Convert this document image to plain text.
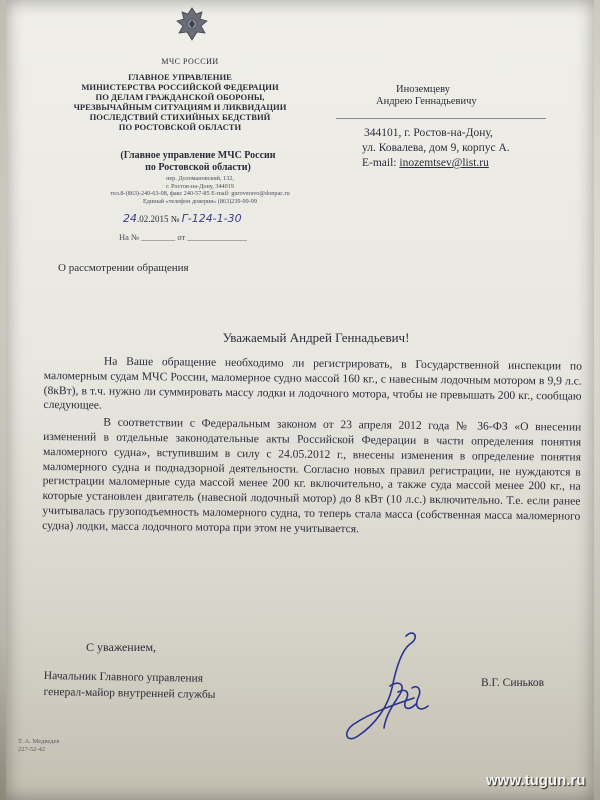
МЧС РОССИИ
ГЛАВНОЕ УПРАВЛЕНИЕ
МИНИСТЕРСТВА РОССИЙСКОЙ ФЕДЕРАЦИИ
ПО ДЕЛАМ ГРАЖДАНСКОЙ ОБОРОНЫ,
ЧРЕЗВЫЧАЙНЫМ СИТУАЦИЯМ И ЛИКВИДАЦИИ
ПОСЛЕДСТВИЙ СТИХИЙНЫХ БЕДСТВИЙ
ПО РОСТОВСКОЙ ОБЛАСТИ
(Главное управление МЧС России
по Ростовской области)
пер. Доломановский, 132,
г. Ростов-на-Дону, 344019
тел.8-(863)-240-63-08, факс 240-57-85 E-mail: guroveravo@donpac.ru
Единый «телефон доверия» (863)239-99-99
24.02.2015 № Г-124-1-30
На № ________ от ______________
О рассмотрении обращения
Иноземцеву
Андрею Геннадьевичу
344101, г. Ростов-на-Дону,
ул. Ковалева, дом 9, корпус А.
E-mail: inozemtsev@list.ru
Уважаемый Андрей Геннадьевич!

На Ваше обращение необходимо ли регистрировать, в Государственной инспекции по маломерным судам МЧС России, маломерное судно массой 160 кг., с навесным лодочным мотором в 9,9 л.с. (8кВт), в т.ч. нужно ли суммировать массу лодки и лодочного мотора, чтобы не превышать 200 кг., сообщаю следующее.

В соответствии с Федеральным законом от 23 апреля 2012 года № 36-ФЗ «О внесении изменений в отдельные законодательные акты Российской Федерации в части определения понятия маломерного судна», вступившим в силу с 24.05.2012 г., внесены изменения в определение понятия маломерного судна и поднадзорной деятельности. Согласно новых правил регистрации, не нуждаются в регистрации маломерные суда массой менее 200 кг. включительно, а также суда массой менее 200 кг., на которые установлен двигатель (навесной лодочный мотор) до 8 кВт (10 л.с.) включительно. Т.е. если ранее учитывалась грузоподъемность маломерного судна, то теперь стала масса (собственная масса маломерного судна) лодки, масса лодочного мотора при этом не учитывается.

С уважением,
Начальник Главного управления
генерал-майор внутренней службы
В.Г. Синьков
Т. А. Медведев
227-52-42
www.tugun.ru
